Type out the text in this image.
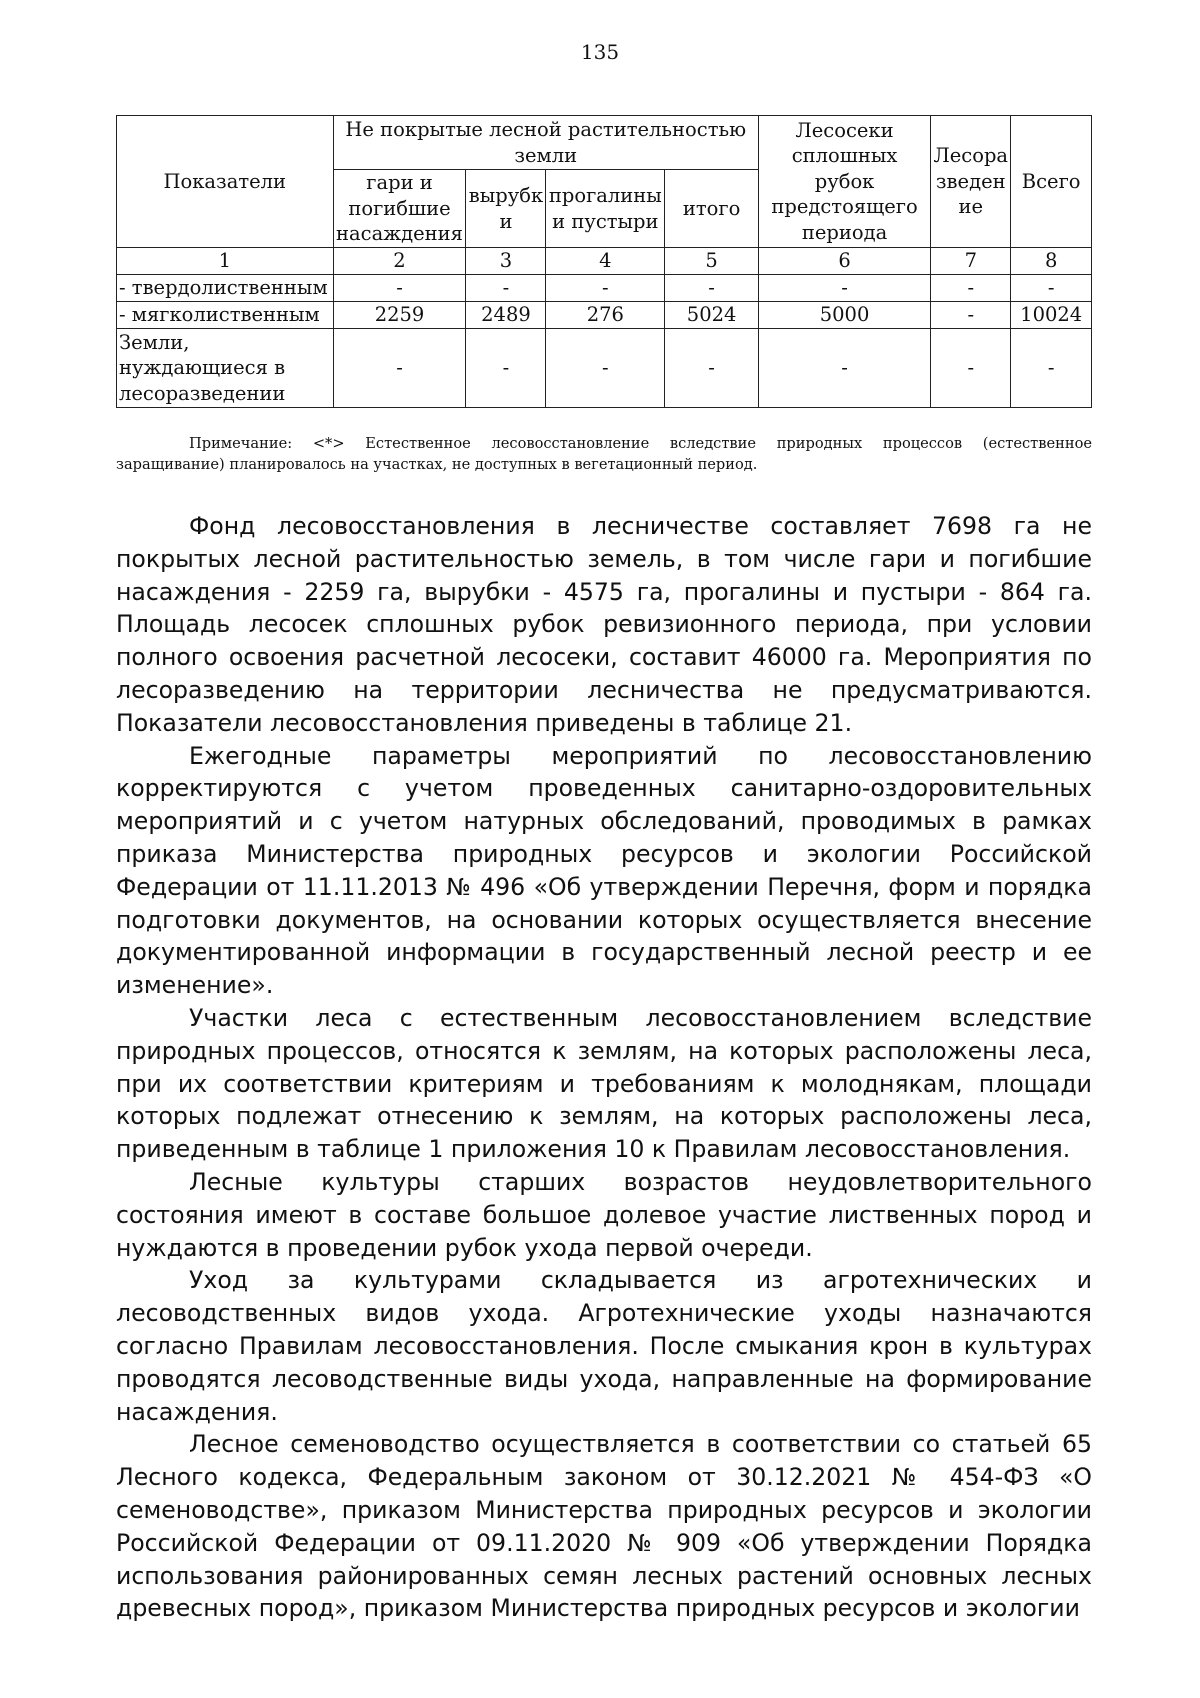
135
Показатели	Не покрытые лесной растительностью земли				Лесосеки сплошных рубок предстоящего периода	Лесора зведен ие	Всего
	гари и погибшие насаждения	вырубк и	прогалины и пустыри	итого			
1	2	3	4	5	6	7	8
- твердолиственным	-	-	-	-	-	-	-
- мягколиственным	2259	2489	276	5024	5000	-	10024
Земли, нуждающиеся в лесоразведении	-	-	-	-	-	-	-
Примечание: <*> Естественное лесовосстановление вследствие природных процессов (естественное заращивание) планировалось на участках, не доступных в вегетационный период.

Фонд лесовосстановления в лесничестве составляет 7698 га не покрытых лесной растительностью земель, в том числе гари и погибшие насаждения - 2259 га, вырубки - 4575 га, прогалины и пустыри - 864 га. Площадь лесосек сплошных рубок ревизионного периода, при условии полного освоения расчетной лесосеки, составит 46000 га. Мероприятия по лесоразведению на территории лесничества не предусматриваются. Показатели лесовосстановления приведены в таблице 21.

Ежегодные параметры мероприятий по лесовосстановлению корректируются с учетом проведенных санитарно-оздоровительных мероприятий и с учетом натурных обследований, проводимых в рамках приказа Министерства природных ресурсов и экологии Российской Федерации от 11.11.2013 № 496 «Об утверждении Перечня, форм и порядка подготовки документов, на основании которых осуществляется внесение документированной информации в государственный лесной реестр и ее изменение».

Участки леса с естественным лесовосстановлением вследствие природных процессов, относятся к землям, на которых расположены леса, при их соответствии критериям и требованиям к молоднякам, площади которых подлежат отнесению к землям, на которых расположены леса, приведенным в таблице 1 приложения 10 к Правилам лесовосстановления.

Лесные культуры старших возрастов неудовлетворительного состояния имеют в составе большое долевое участие лиственных пород и нуждаются в проведении рубок ухода первой очереди.

Уход за культурами складывается из агротехнических и лесоводственных видов ухода. Агротехнические уходы назначаются согласно Правилам лесовосстановления. После смыкания крон в культурах проводятся лесоводственные виды ухода, направленные на формирование насаждения.

Лесное семеноводство осуществляется в соответствии со статьей 65 Лесного кодекса, Федеральным законом от 30.12.2021 № 454-ФЗ «О семеноводстве», приказом Министерства природных ресурсов и экологии Российской Федерации от 09.11.2020 № 909 «Об утверждении Порядка использования районированных семян лесных растений основных лесных древесных пород», приказом Министерства природных ресурсов и экологии
